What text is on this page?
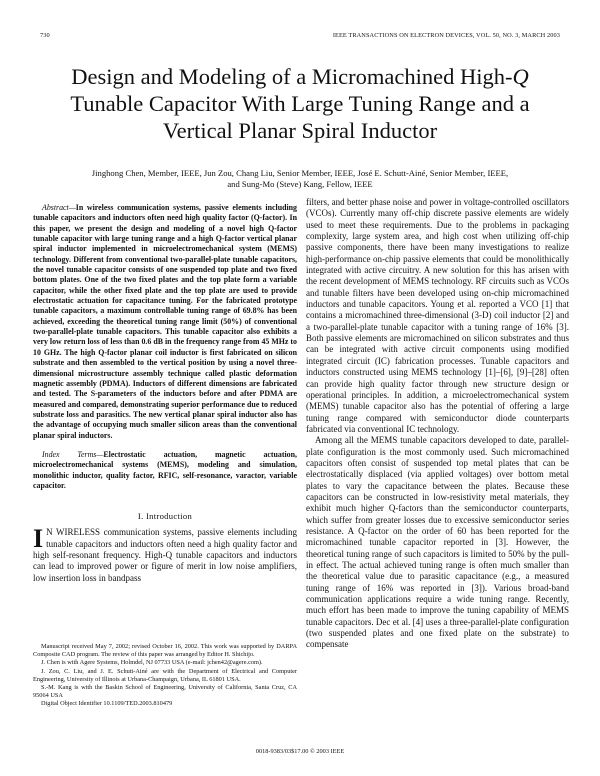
730	IEEE TRANSACTIONS ON ELECTRON DEVICES, VOL. 50, NO. 3, MARCH 2003
Design and Modeling of a Micromachined High-Q
Tunable Capacitor With Large Tuning Range and a
Vertical Planar Spiral Inductor
Jinghong Chen, Member, IEEE, Jun Zou, Chang Liu, Senior Member, IEEE, José E. Schutt-Ainé, Senior Member, IEEE,
and Sung-Mo (Steve) Kang, Fellow, IEEE

Abstract—In wireless communication systems, passive elements including tunable capacitors and inductors often need high quality factor (Q-factor). In this paper, we present the design and modeling of a novel high Q-factor tunable capacitor with large tuning range and a high Q-factor vertical planar spiral inductor implemented in microelectromechanical system (MEMS) technology. Different from conventional two-parallel-plate tunable capacitors, the novel tunable capacitor consists of one suspended top plate and two fixed bottom plates. One of the two fixed plates and the top plate form a variable capacitor, while the other fixed plate and the top plate are used to provide electrostatic actuation for capacitance tuning. For the fabricated prototype tunable capacitors, a maximum controllable tuning range of 69.8% has been achieved, exceeding the theoretical tuning range limit (50%) of conventional two-parallel-plate tunable capacitors. This tunable capacitor also exhibits a very low return loss of less than 0.6 dB in the frequency range from 45 MHz to 10 GHz. The high Q-factor planar coil inductor is first fabricated on silicon substrate and then assembled to the vertical position by using a novel three-dimensional microstructure assembly technique called plastic deformation magnetic assembly (PDMA). Inductors of different dimensions are fabricated and tested. The S-parameters of the inductors before and after PDMA are measured and compared, demonstrating superior performance due to reduced substrate loss and parasitics. The new vertical planar spiral inductor also has the advantage of occupying much smaller silicon areas than the conventional planar spiral inductors.

Index Terms—Electrostatic actuation, magnetic actuation, microelectromechanical systems (MEMS), modeling and simulation, monolithic inductor, quality factor, RFIC, self-resonance, varactor, variable capacitor.

I. Introduction

I N WIRELESS communication systems, passive elements including tunable capacitors and inductors often need a high quality factor and high self-resonant frequency. High-Q tunable capacitors and inductors can lead to improved power or figure of merit in low noise amplifiers, low insertion loss in bandpass

Manuscript received May 7, 2002; revised October 16, 2002. This work was supported by DARPA Composite CAD program. The review of this paper was arranged by Editor H. Shichijo.

J. Chen is with Agere Systems, Holmdel, NJ 07733 USA (e-mail: jchen42@agere.com).

J. Zou, C. Liu, and J. E. Schutt-Ainé are with the Department of Electrical and Computer Engineering, University of Illinois at Urbana-Champaign, Urbana, IL 61801 USA.

S.-M. Kang is with the Baskin School of Engineering, University of California, Santa Cruz, CA 95064 USA

Digital Object Identifier 10.1109/TED.2003.810479

filters, and better phase noise and power in voltage-controlled oscillators (VCOs). Currently many off-chip discrete passive elements are widely used to meet these requirements. Due to the problems in packaging complexity, large system area, and high cost when utilizing off-chip passive components, there have been many investigations to realize high-performance on-chip passive elements that could be monolithically integrated with active circuitry. A new solution for this has arisen with the recent development of MEMS technology. RF circuits such as VCOs and tunable filters have been developed using on-chip micromachined inductors and tunable capacitors. Young et al. reported a VCO [1] that contains a micromachined three-dimensional (3-D) coil inductor [2] and a two-parallel-plate tunable capacitor with a tuning range of 16% [3]. Both passive elements are micromachined on silicon substrates and thus can be integrated with active circuit components using modified integrated circuit (IC) fabrication processes. Tunable capacitors and inductors constructed using MEMS technology [1]–[6], [9]–[28] often can provide high quality factor through new structure design or operational principles. In addition, a microelectromechanical system (MEMS) tunable capacitor also has the potential of offering a large tuning range compared with semiconductor diode counterparts fabricated via conventional IC technology.

Among all the MEMS tunable capacitors developed to date, parallel-plate configuration is the most commonly used. Such micromachined capacitors often consist of suspended top metal plates that can be electrostatically displaced (via applied voltages) over bottom metal plates to vary the capacitance between the plates. Because these capacitors can be constructed in low-resistivity metal materials, they exhibit much higher Q-factors than the semiconductor counterparts, which suffer from greater losses due to excessive semiconductor series resistance. A Q-factor on the order of 60 has been reported for the micromachined tunable capacitor reported in [3]. However, the theoretical tuning range of such capacitors is limited to 50% by the pull-in effect. The actual achieved tuning range is often much smaller than the theoretical value due to parasitic capacitance (e.g., a measured tuning range of 16% was reported in [3]). Various broad-band communication applications require a wide tuning range. Recently, much effort has been made to improve the tuning capability of MEMS tunable capacitors. Dec et al. [4] uses a three-parallel-plate configuration (two suspended plates and one fixed plate on the substrate) to compensate

0018-9383/03$17.00 © 2003 IEEE
